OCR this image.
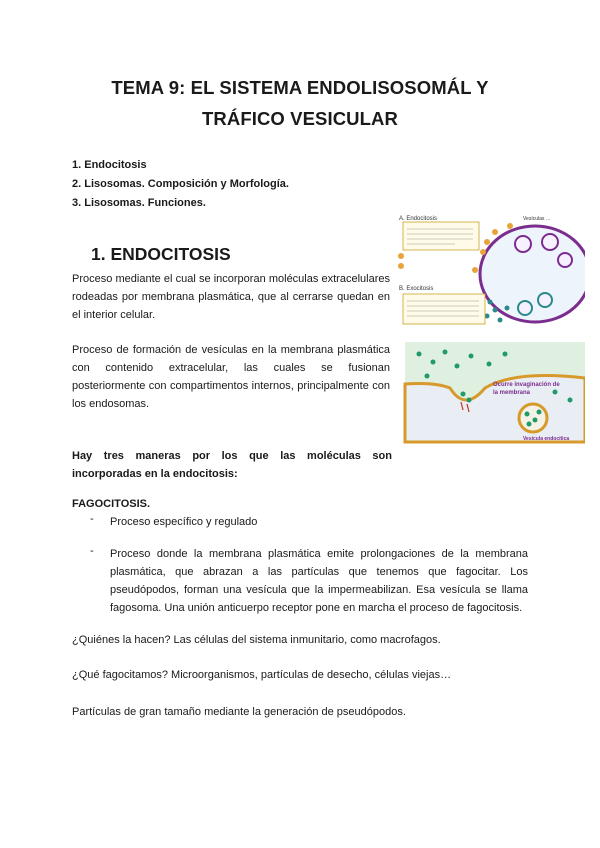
TEMA 9: EL SISTEMA ENDOLISOSOMÁL Y
TRÁFICO VESICULAR
1. Endocitosis
2. Lisosomas. Composición y Morfología.
3. Lisosomas. Funciones.
1. ENDOCITOSIS
Proceso mediante el cual se incorporan moléculas extracelulares rodeadas por membrana plasmática, que al cerrarse quedan en el interior celular.
Proceso de formación de vesículas en la membrana plasmática con contenido extracelular, las cuales se fusionan posteriormente con compartimentos internos, principalmente con los endosomas.
Hay tres maneras por los que las moléculas son incorporadas en la endocitosis:
FAGOCITOSIS.
- Proceso específico y regulado
- Proceso donde la membrana plasmática emite prolongaciones de la membrana plasmática, que abrazan a las partículas que tenemos que fagocitar. Los pseudópodos, forman una vesícula que la impermeabilizan. Esa vesícula se llama fagosoma. Una unión anticuerpo receptor pone en marcha el proceso de fagocitosis.
¿Quiénes la hacen? Las células del sistema inmunitario, como macrofagos.
¿Qué fagocitamos? Microorganismos, partículas de desecho, células viejas…
Partículas de gran tamaño mediante la generación de pseudópodos.
A. Endocitosis
B. Exocitosis
Vesículas …
Ocurre invaginación de
la membrana
Vesícula endocítica
